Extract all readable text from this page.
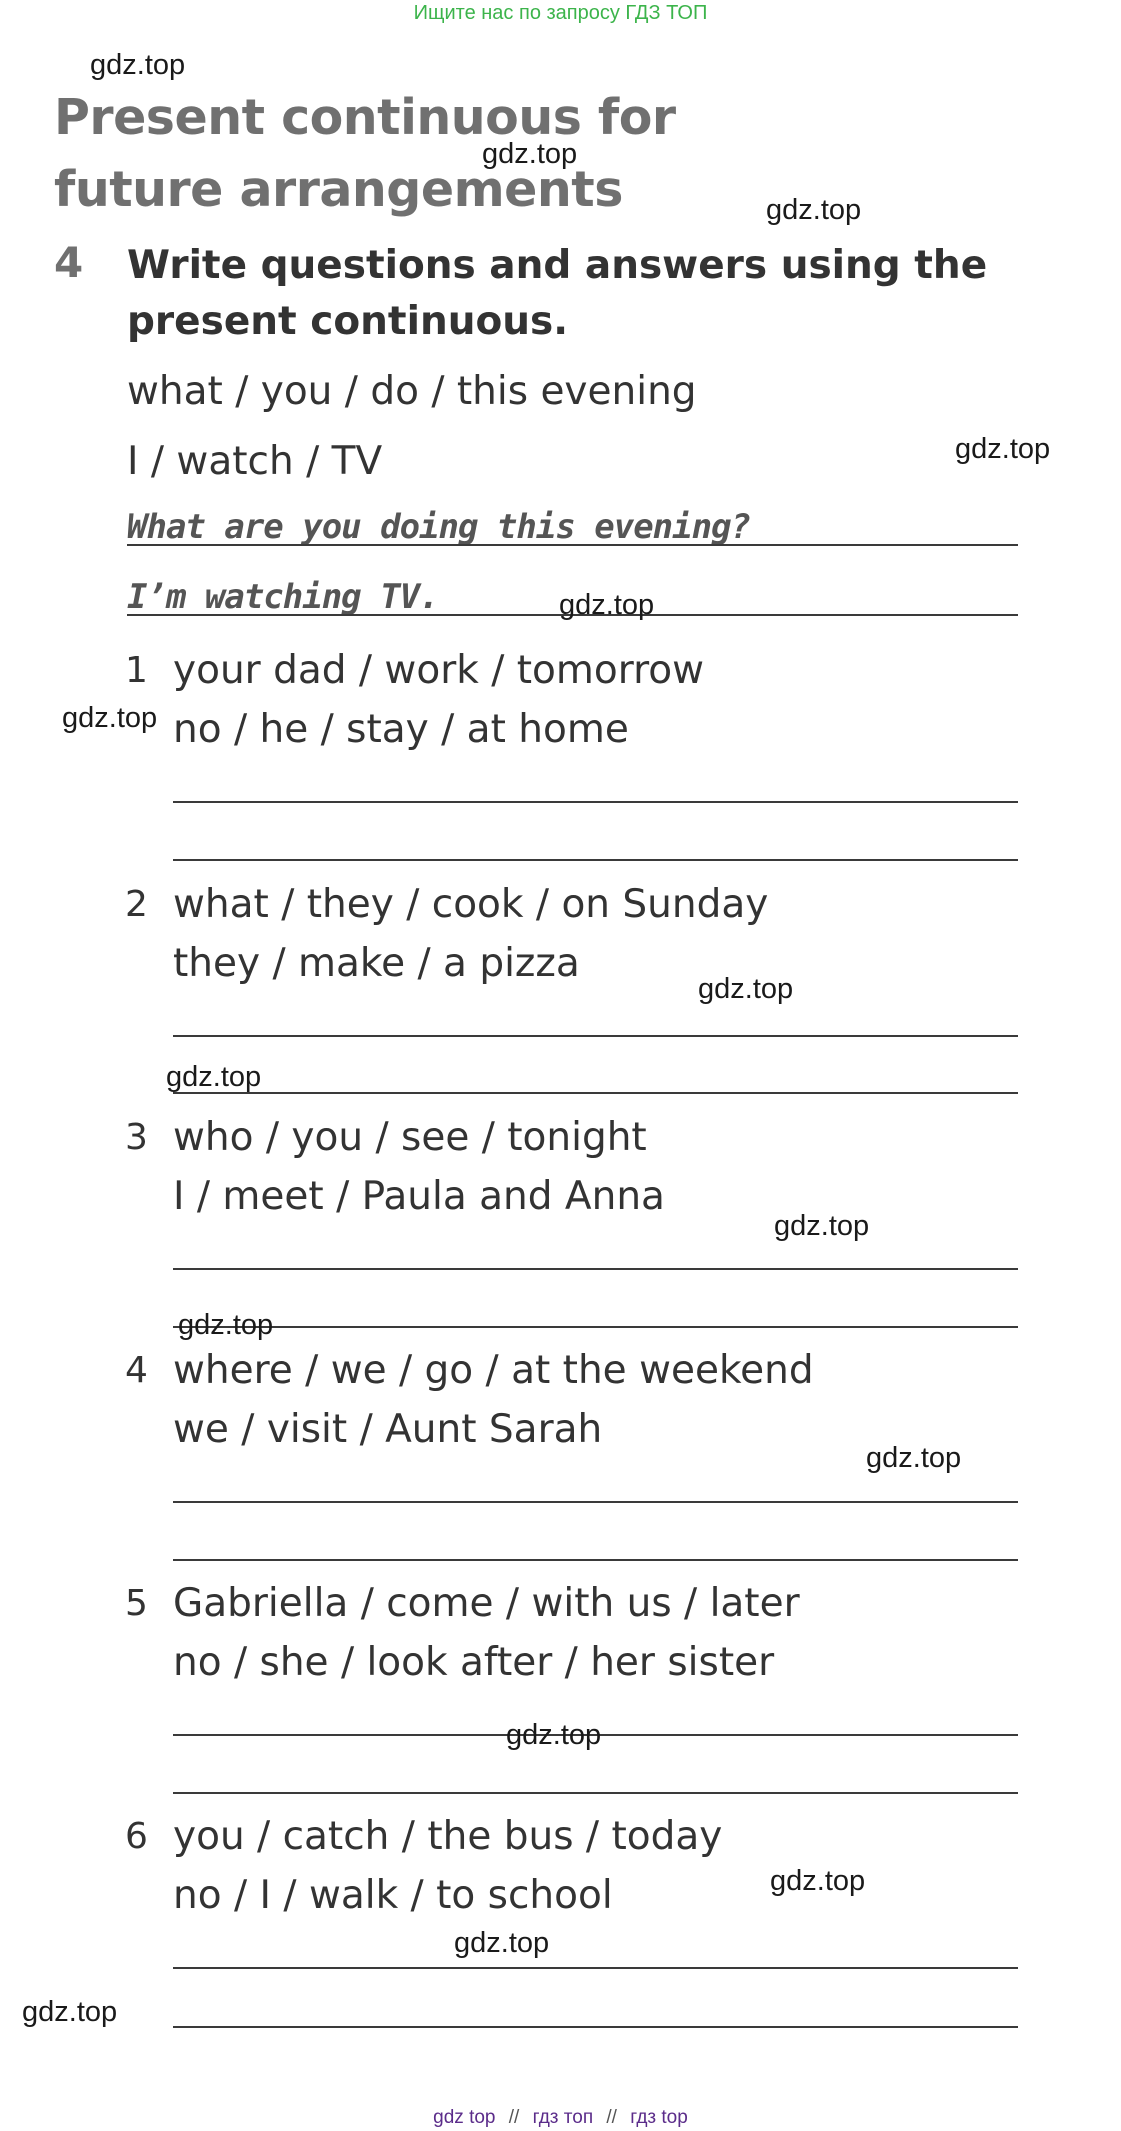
Ищите нас по запросу ГДЗ ТОП
Present continuous for future arrangements
4 Write questions and answers using the present continuous.

what / you / do / this evening
I / watch / TV
What are you doing this evening?
I’m watching TV.
1 your dad / work / tomorrow
no / he / stay / at home
2 what / they / cook / on Sunday
they / make / a pizza
3 who / you / see / tonight
I / meet / Paula and Anna
4 where / we / go / at the weekend
we / visit / Aunt Sarah
5 Gabriella / come / with us / later
no / she / look after / her sister
6 you / catch / the bus / today
no / I / walk / to school
gdz.top
gdz.top
gdz.top
gdz.top
gdz.top
gdz.top
gdz.top
gdz.top
gdz.top
gdz.top
gdz.top
gdz.top
gdz.top
gdz.top
gdz.top
gdz top // гдз топ // гдз top
